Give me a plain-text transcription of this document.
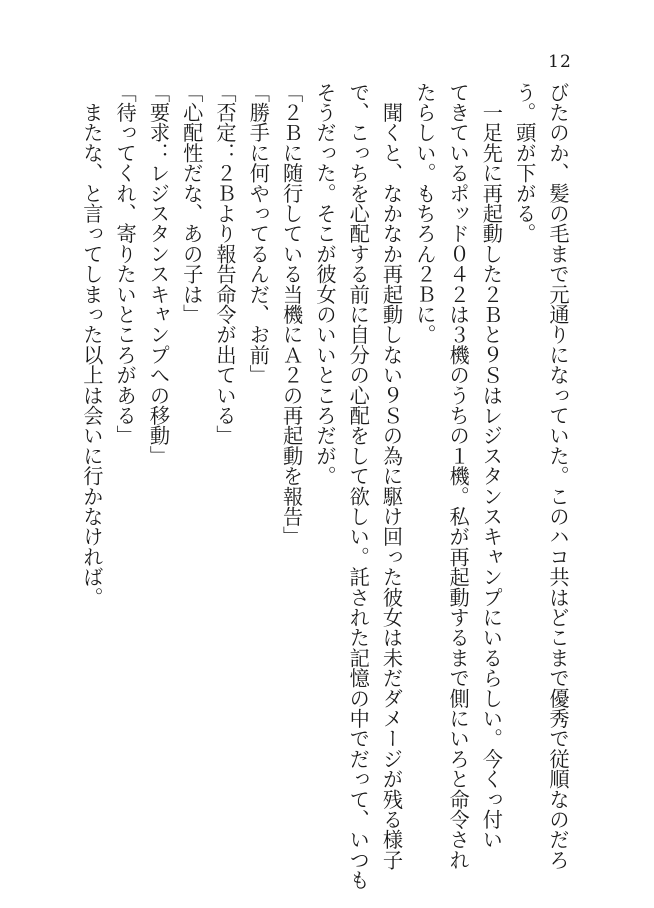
12
びたのか、髪の毛まで元通りになっていた。このハコ共はどこまで優秀で従順なのだろ
う。頭が下がる。
　一足先に再起動した２Ｂと９Ｓはレジスタンスキャンプにいるらしい。今くっ付い
てきているポッド０４２は３機のうちの１機。私が再起動するまで側にいろと命令され
たらしい。もちろん２Ｂに。
　聞くと、なかなか再起動しない９Ｓの為に駆け回った彼女は未だダメージが残る様子
で、こっちを心配する前に自分の心配をして欲しい。託された記憶の中でだって、いつも
そうだった。そこが彼女のいいところだが。
「２Ｂに随行している当機にＡ２の再起動を報告」
「勝手に何やってるんだ、お前」
「否定：２Ｂより報告命令が出ている」
「心配性だな、あの子は」
「要求：レジスタンスキャンプへの移動」
「待ってくれ、寄りたいところがある」
　またな、と言ってしまった以上は会いに行かなければ。
